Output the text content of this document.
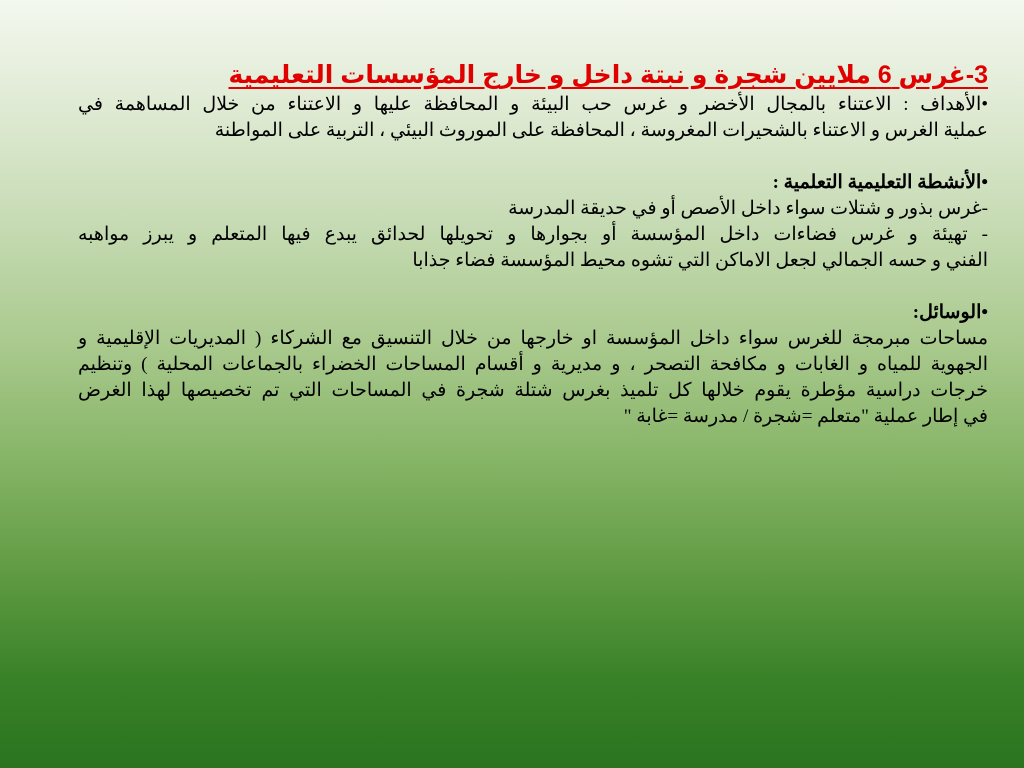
3-غرس 6 ملايين شجرة و نبتة داخل و خارج المؤسسات التعليمية
•الأهداف : الاعتناء بالمجال الأخضر و غرس حب البيئة و المحافظة عليها و الاعتناء من خلال المساهمة في
عملية الغرس و الاعتناء بالشحيرات المغروسة ، المحافظة على الموروث البيئي ، التربية على المواطنة
•الأنشطة التعليمية التعلمية :
-غرس بذور و شتلات سواء داخل الأصص أو في حديقة المدرسة
- تهيئة و غرس فضاءات داخل المؤسسة أو بجوارها و تحويلها لحدائق يبدع فيها المتعلم و يبرز مواهبه
الفني و حسه الجمالي لجعل الاماكن التي تشوه محيط المؤسسة فضاء جذابا
•الوسائل:
مساحات مبرمجة للغرس سواء داخل المؤسسة او خارجها من خلال التنسيق مع الشركاء ( المديريات الإقليمية و
الجهوية للمياه و الغابات و مكافحة التصحر ، و مديرية و أقسام المساحات الخضراء بالجماعات المحلية ) وتنظيم
خرجات دراسية مؤطرة يقوم خلالها كل تلميذ بغرس شتلة شجرة في المساحات التي تم تخصيصها لهذا الغرض
في إطار عملية "متعلم =شجرة / مدرسة =غابة "
